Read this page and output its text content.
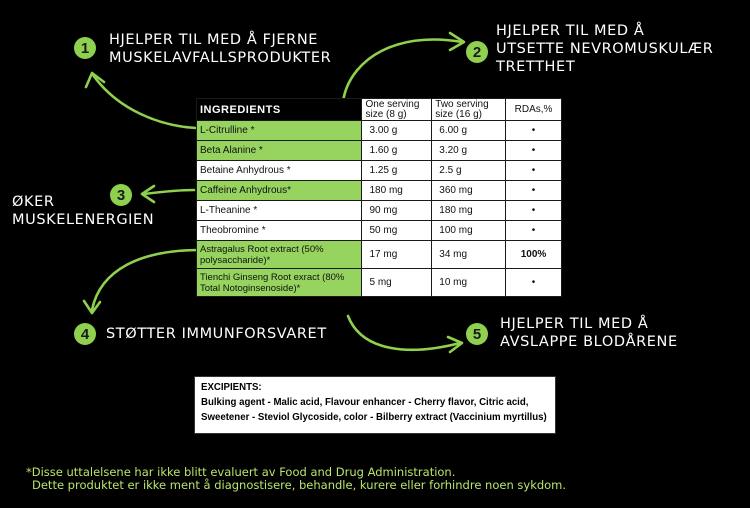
1	HJELPER TIL MED Å FJERNE
MUSKELAVFALLSPRODUKTER	2
HJELPER TIL MED Å
UTSETTE NEVROMUSKULÆR
TRETTHET
3
ØKER
MUSKELENERGIEN
4	STØTTER IMMUNFORSVARET	5
HJELPER TIL MED Å
AVSLAPPE BLODÅRENE
INGREDIENTS	One serving size (8 g)	Two serving size (16 g)	RDAs,%
L-Citrulline *	3.00 g	6.00 g	•
Beta Alanine *	1.60 g	3.20 g	•
Betaine Anhydrous *	1.25 g	2.5 g	•
Caffeine Anhydrous*	180 mg	360 mg	•
L-Theanine *	90 mg	180 mg	•
Theobromine *	50 mg	100 mg	•
Astragalus Root extract (50% polysaccharide)*	17 mg	34 mg	100%
Tienchi Ginseng Root exract (80% Total Notoginsenoside)*	5 mg	10 mg	•
EXCIPIENTS:
Bulking agent - Malic acid, Flavour enhancer - Cherry flavor, Citric acid,
Sweetener - Steviol Glycoside, color - Bilberry extract (Vaccinium myrtillus)
*Disse uttalelsene har ikke blitt evaluert av Food and Drug Administration.
Dette produktet er ikke ment å diagnostisere, behandle, kurere eller forhindre noen sykdom.
